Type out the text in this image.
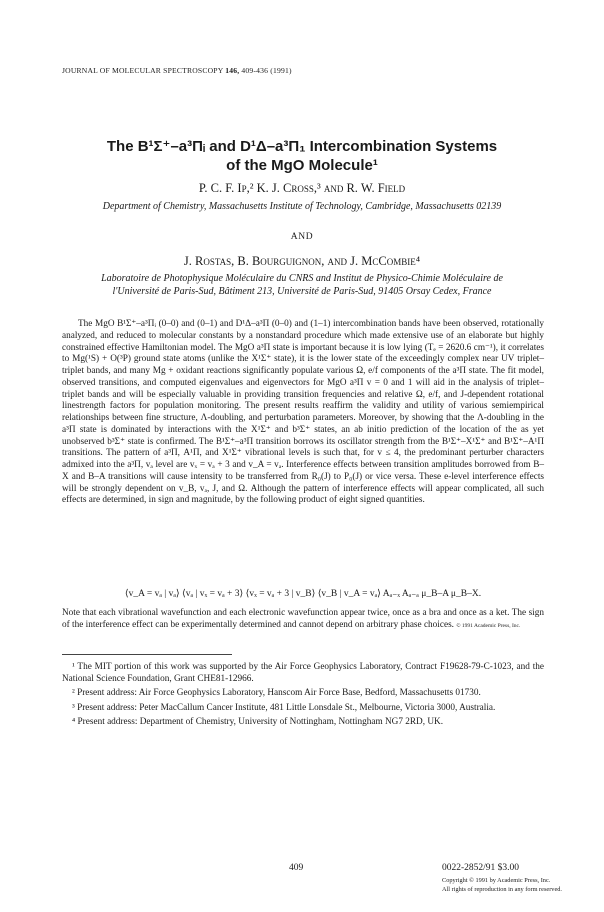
JOURNAL OF MOLECULAR SPECTROSCOPY 146, 409-436 (1991)
The B¹Σ⁺–a³Πᵢ and D¹Δ–a³Π₁ Intercombination Systems
of the MgO Molecule¹
P. C. F. Ip,² K. J. Cross,³ and R. W. Field
Department of Chemistry, Massachusetts Institute of Technology, Cambridge, Massachusetts 02139
AND
J. Rostas, B. Bourguignon, and J. McCombie⁴
Laboratoire de Photophysique Moléculaire du CNRS and Institut de Physico-Chimie Moléculaire de
l'Université de Paris-Sud, Bâtiment 213, Université de Paris-Sud, 91405 Orsay Cedex, France

The MgO B¹Σ⁺–a³Πᵢ (0–0) and (0–1) and D¹Δ–a³Π (0–0) and (1–1) intercombination bands have been observed, rotationally analyzed, and reduced to molecular constants by a nonstandard procedure which made extensive use of an elaborate but highly constrained effective Hamiltonian model. The MgO a³Π state is important because it is low lying (Tₑ = 2620.6 cm⁻¹), it correlates to Mg(¹S) + O(³P) ground state atoms (unlike the X¹Σ⁺ state), it is the lower state of the exceedingly complex near UV triplet–triplet bands, and many Mg + oxidant reactions significantly populate various Ω, e/f components of the a³Π state. The fit model, observed transitions, and computed eigenvalues and eigenvectors for MgO a³Π v = 0 and 1 will aid in the analysis of triplet–triplet bands and will be especially valuable in providing transition frequencies and relative Ω, e/f, and J-dependent rotational linestrength factors for population monitoring. The present results reaffirm the validity and utility of various semiempirical relationships between fine structure, Λ-doubling, and perturbation parameters. Moreover, by showing that the Λ-doubling in the a³Π state is dominated by interactions with the X¹Σ⁺ and b³Σ⁺ states, an ab initio prediction of the location of the as yet unobserved b³Σ⁺ state is confirmed. The B¹Σ⁺–a³Π transition borrows its oscillator strength from the B¹Σ⁺–X¹Σ⁺ and B¹Σ⁺–A¹Π transitions. The pattern of a³Π, A¹Π, and X¹Σ⁺ vibrational levels is such that, for v ≤ 4, the predominant perturber characters admixed into the a³Π, vₐ level are vₓ = vₐ + 3 and v_A = vₐ. Interference effects between transition amplitudes borrowed from B–X and B–A transitions will cause intensity to be transferred from R₀(J) to P₀(J) or vice versa. These e-level interference effects will be strongly dependent on v_B, vₐ, J, and Ω. Although the pattern of interference effects will appear complicated, all such effects are determined, in sign and magnitude, by the following product of eight signed quantities.

⟨v_A = vₐ | vₐ⟩ ⟨vₐ | vₓ = vₐ + 3⟩ ⟨vₓ = vₐ + 3 | v_B⟩ ⟨v_B | v_A = vₐ⟩ Aₐ₋ₓ Aₐ₋ₐ μ_B–A μ_B–X.

Note that each vibrational wavefunction and each electronic wavefunction appear twice, once as a bra and once as a ket. The sign of the interference effect can be experimentally determined and cannot depend on arbitrary phase choices. © 1991 Academic Press, Inc.

¹ The MIT portion of this work was supported by the Air Force Geophysics Laboratory, Contract F19628-79-C-1023, and the National Science Foundation, Grant CHE81-12966.

² Present address: Air Force Geophysics Laboratory, Hanscom Air Force Base, Bedford, Massachusetts 01730.

³ Present address: Peter MacCallum Cancer Institute, 481 Little Lonsdale St., Melbourne, Victoria 3000, Australia.

⁴ Present address: Department of Chemistry, University of Nottingham, Nottingham NG7 2RD, UK.

409	0022-2852/91 $3.00
Copyright © 1991 by Academic Press, Inc.
All rights of reproduction in any form reserved.
